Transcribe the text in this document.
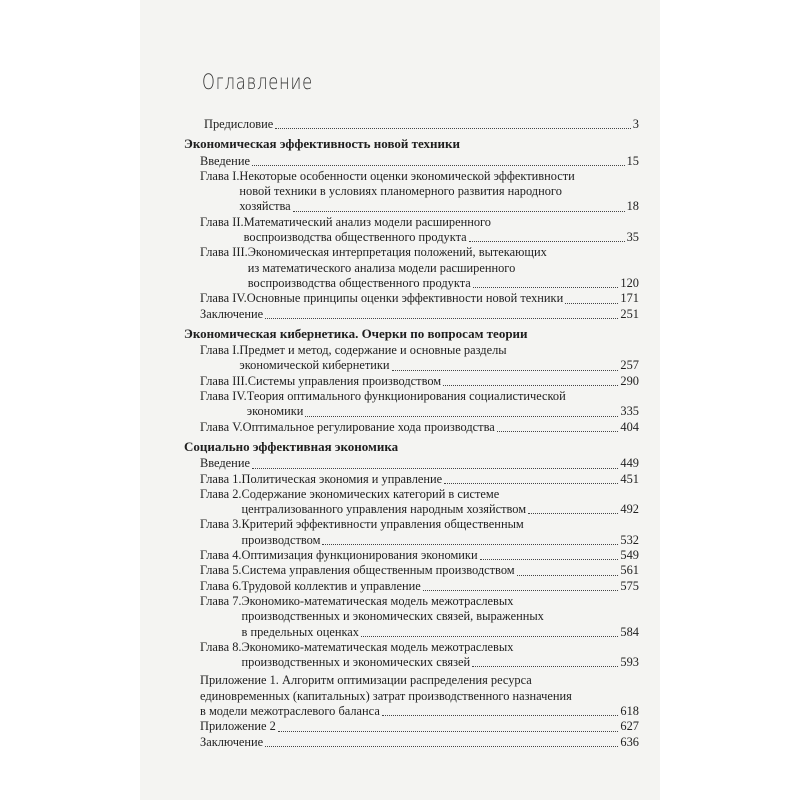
Оглавление
Предисловие	3
Экономическая эффективность новой техники
Введение	15
Глава I. Некоторые особенности оценки экономической эффективности
новой техники в условиях планомерного развития народного
хозяйства	18
Глава II. Математический анализ модели расширенного
воспроизводства общественного продукта	35
Глава III. Экономическая интерпретация положений, вытекающих
из математического анализа модели расширенного
воспроизводства общественного продукта	120
Глава IV. Основные принципы оценки эффективности новой техники	171
Заключение	251
Экономическая кибернетика. Очерки по вопросам теории
Глава I. Предмет и метод, содержание и основные разделы
экономической кибернетики	257
Глава III. Системы управления производством	290
Глава IV. Теория оптимального функционирования социалистической
экономики	335
Глава V. Оптимальное регулирование хода производства	404
Социально эффективная экономика
Введение	449
Глава 1. Политическая экономия и управление	451
Глава 2. Содержание экономических категорий в системе
централизованного управления народным хозяйством	492
Глава 3. Критерий эффективности управления общественным
производством	532
Глава 4. Оптимизация функционирования экономики	549
Глава 5. Система управления общественным производством	561
Глава 6. Трудовой коллектив и управление	575
Глава 7. Экономико-математическая модель межотраслевых
производственных и экономических связей, выраженных
в предельных оценках	584
Глава 8. Экономико-математическая модель межотраслевых
производственных и экономических связей	593
Приложение 1. Алгоритм оптимизации распределения ресурса
единовременных (капитальных) затрат производственного назначения
в модели межотраслевого баланса	618
Приложение 2	627
Заключение	636
